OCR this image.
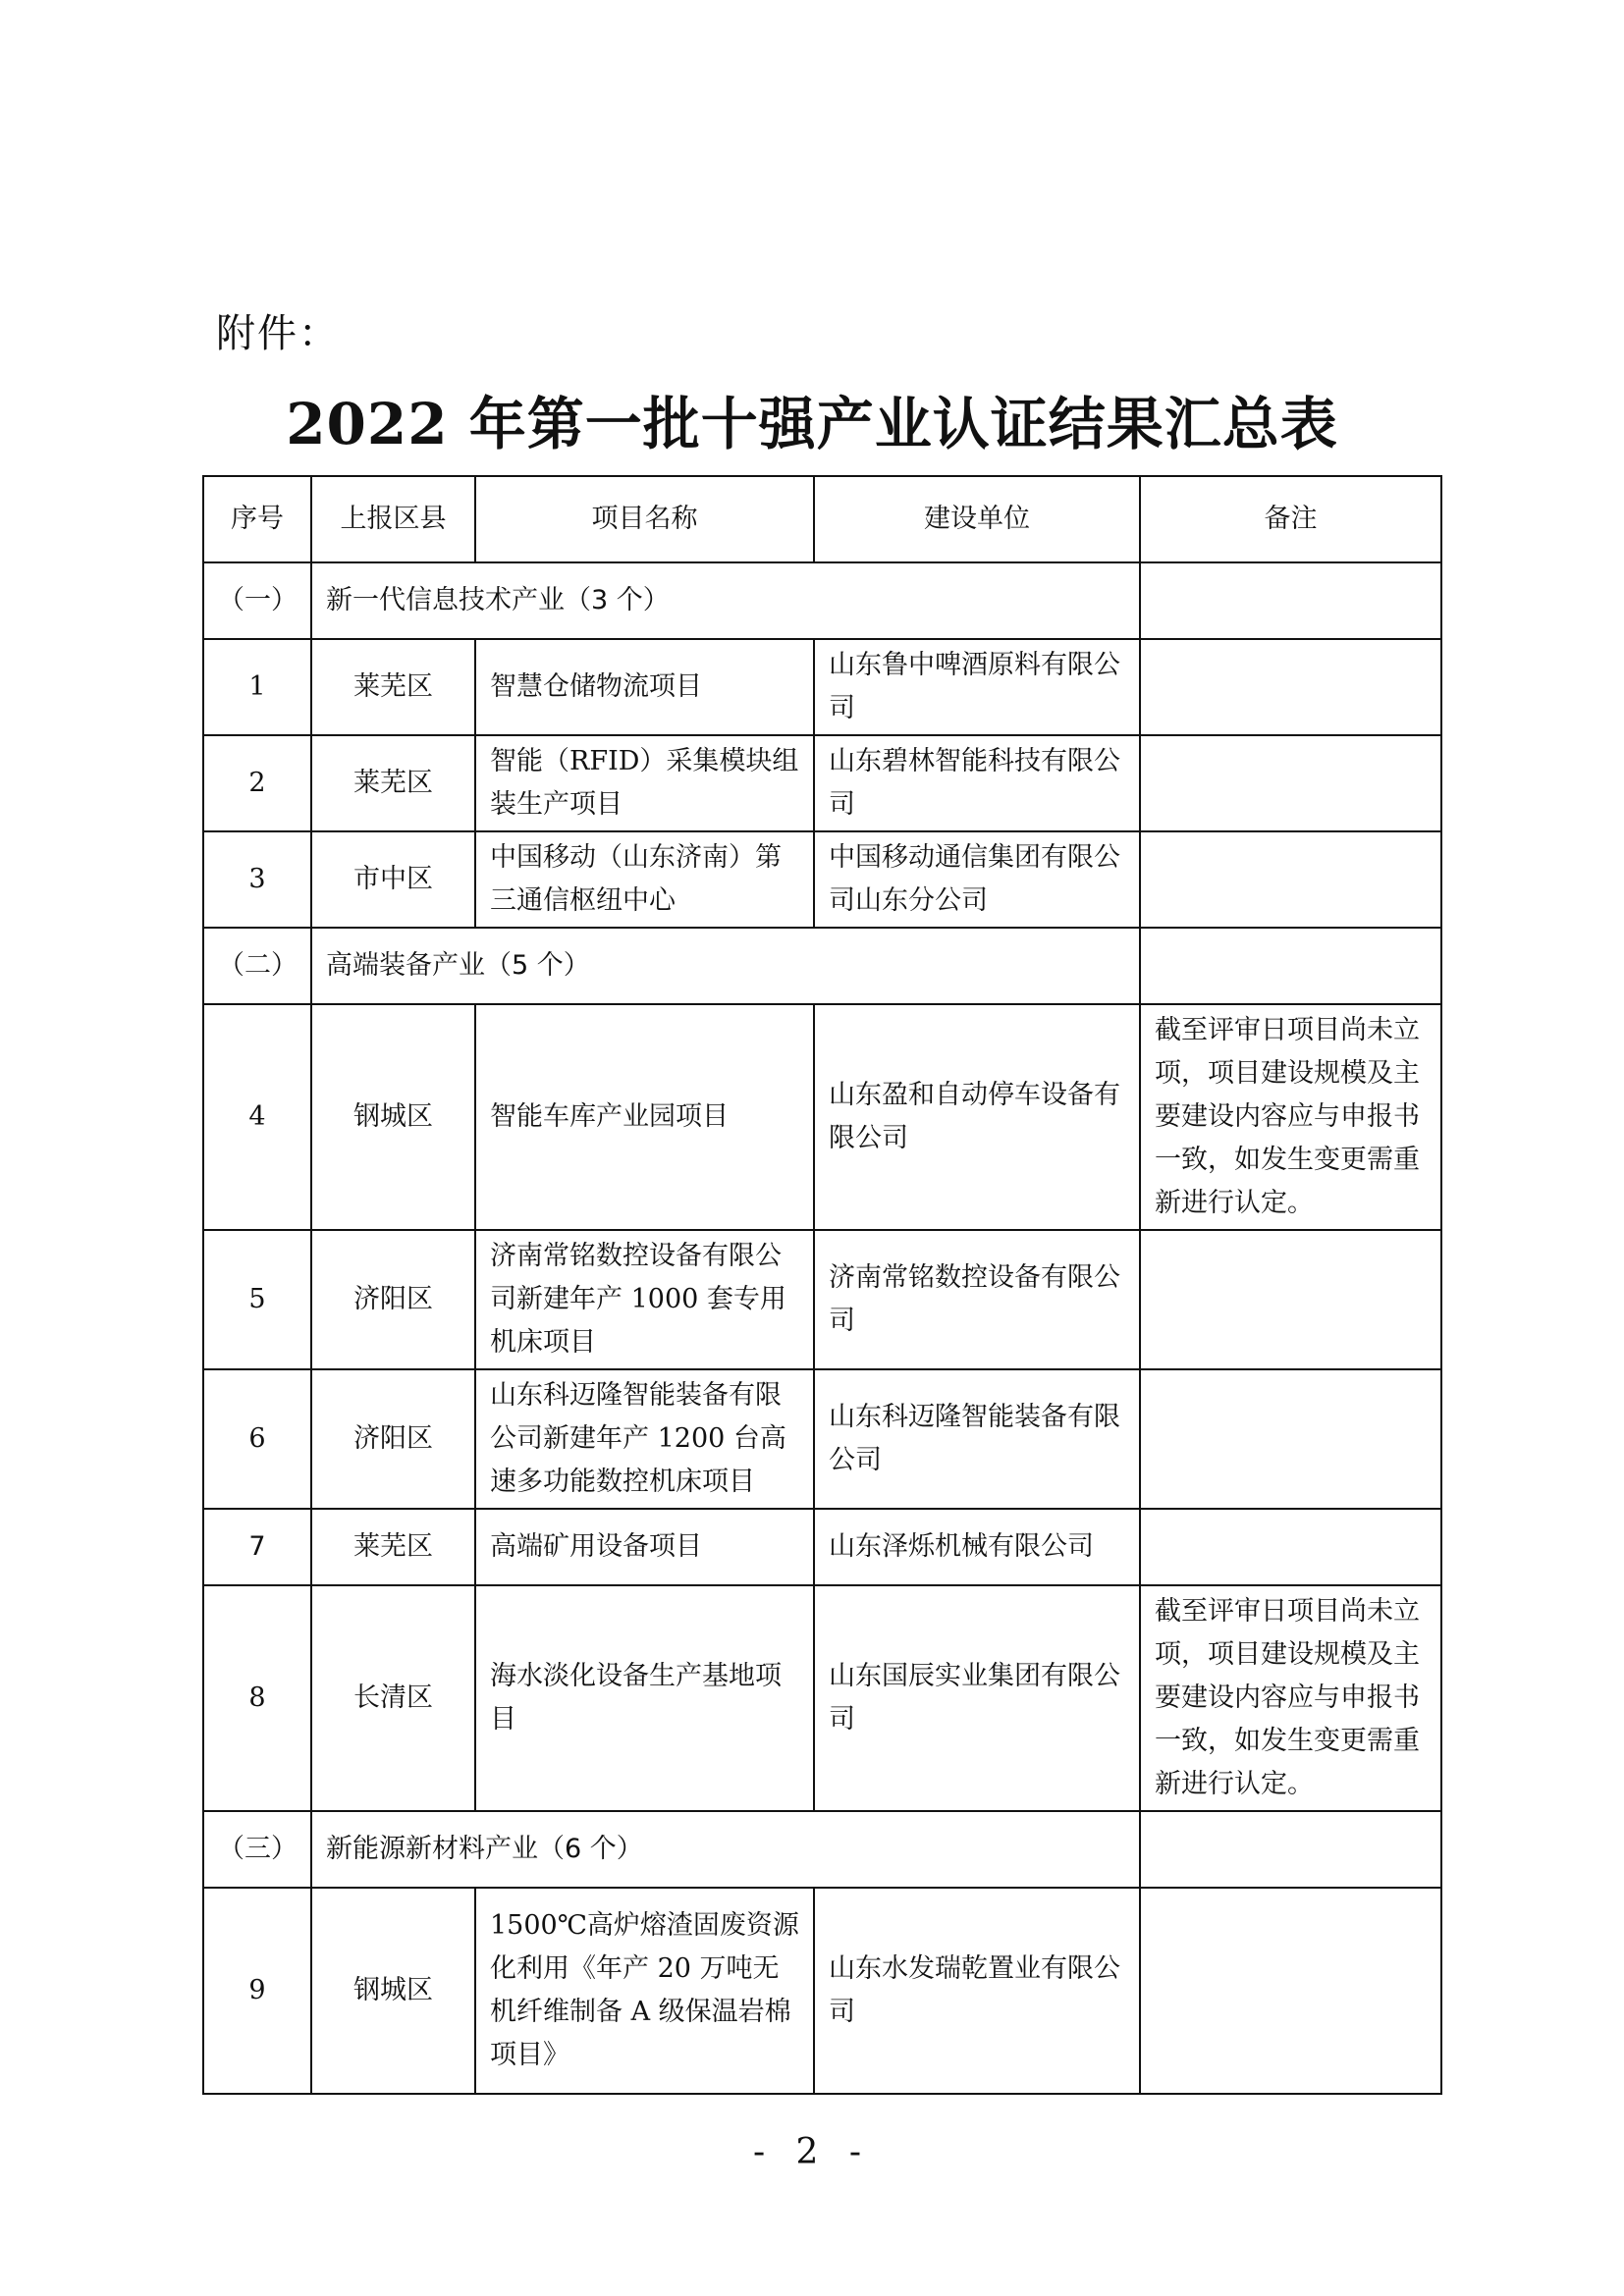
附件：
2022 年第一批十强产业认证结果汇总表
序号	上报区县	项目名称	建设单位	备注
（一）	新一代信息技术产业（3 个）			
1	莱芜区	智慧仓储物流项目	山东鲁中啤酒原料有限公司	
2	莱芜区	智能（RFID）采集模块组装生产项目	山东碧林智能科技有限公司	
3	市中区	中国移动（山东济南）第三通信枢纽中心	中国移动通信集团有限公司山东分公司	
（二）	高端装备产业（5 个）			
4	钢城区	智能车库产业园项目	山东盈和自动停车设备有限公司	截至评审日项目尚未立项，项目建设规模及主要建设内容应与申报书一致，如发生变更需重新进行认定。
5	济阳区	济南常铭数控设备有限公司新建年产 1000 套专用机床项目	济南常铭数控设备有限公司	
6	济阳区	山东科迈隆智能装备有限公司新建年产 1200 台高速多功能数控机床项目	山东科迈隆智能装备有限公司	
7	莱芜区	高端矿用设备项目	山东泽烁机械有限公司	
8	长清区	海水淡化设备生产基地项目	山东国辰实业集团有限公司	截至评审日项目尚未立项，项目建设规模及主要建设内容应与申报书一致，如发生变更需重新进行认定。
（三）	新能源新材料产业（6 个）			
9	钢城区	1500℃高炉熔渣固废资源化利用《年产 20 万吨无机纤维制备 A 级保温岩棉项目》	山东水发瑞乾置业有限公司	
- 2 -
